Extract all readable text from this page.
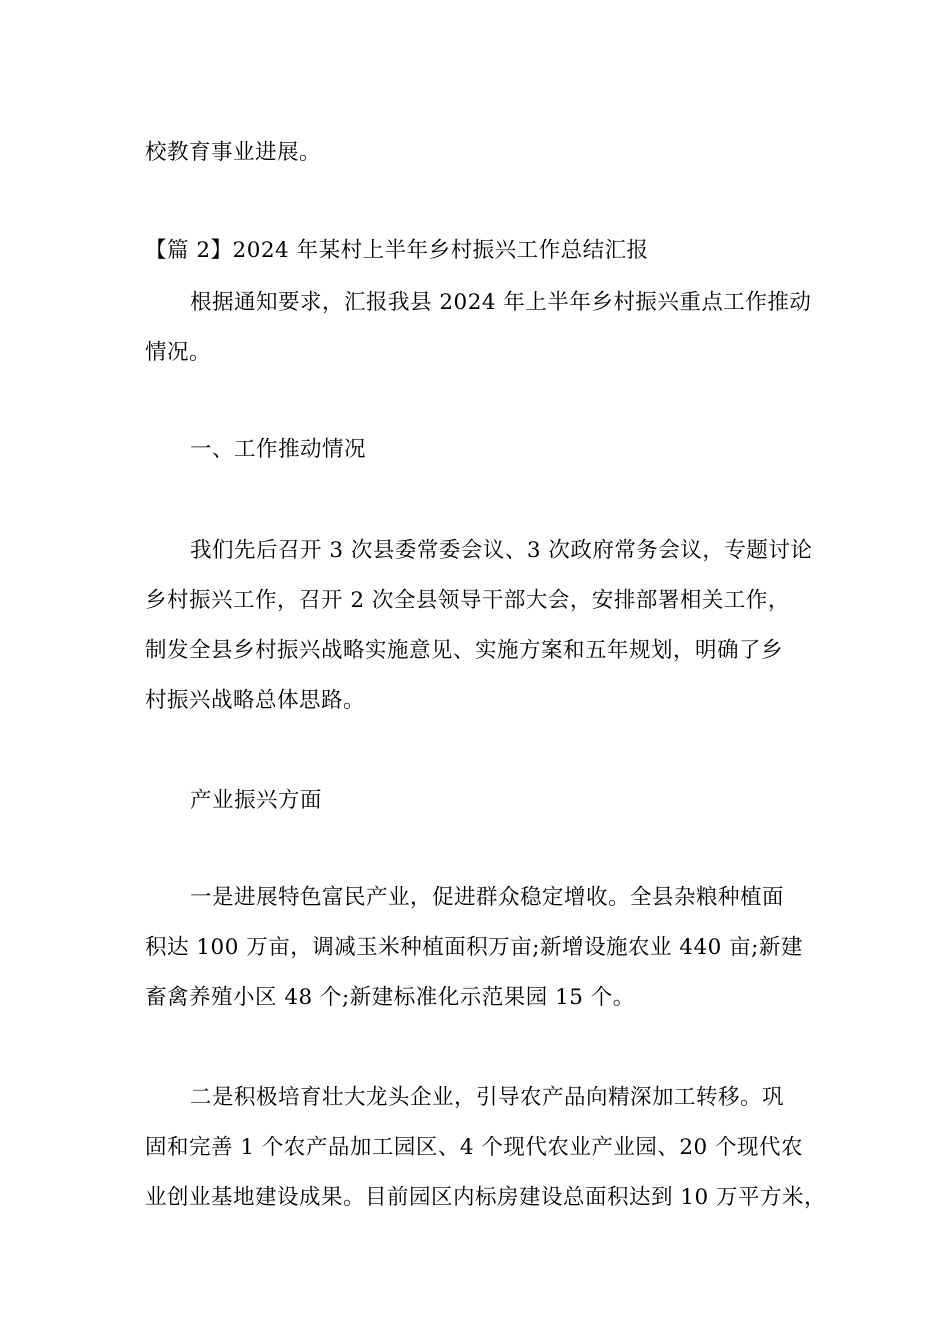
校教育事业进展。
【篇 2】2024 年某村上半年乡村振兴工作总结汇报
根据通知要求，汇报我县 2024 年上半年乡村振兴重点工作推动
情况。
一、工作推动情况
我们先后召开 3 次县委常委会议、3 次政府常务会议，专题讨论
乡村振兴工作，召开 2 次全县领导干部大会，安排部署相关工作，
制发全县乡村振兴战略实施意见、实施方案和五年规划，明确了乡
村振兴战略总体思路。
产业振兴方面
一是进展特色富民产业，促进群众稳定增收。全县杂粮种植面
积达 100 万亩，调减玉米种植面积万亩;新增设施农业 440 亩;新建
畜禽养殖小区 48 个;新建标准化示范果园 15 个。
二是积极培育壮大龙头企业，引导农产品向精深加工转移。巩
固和完善 1 个农产品加工园区、4 个现代农业产业园、20 个现代农
业创业基地建设成果。目前园区内标房建设总面积达到 10 万平方米，
